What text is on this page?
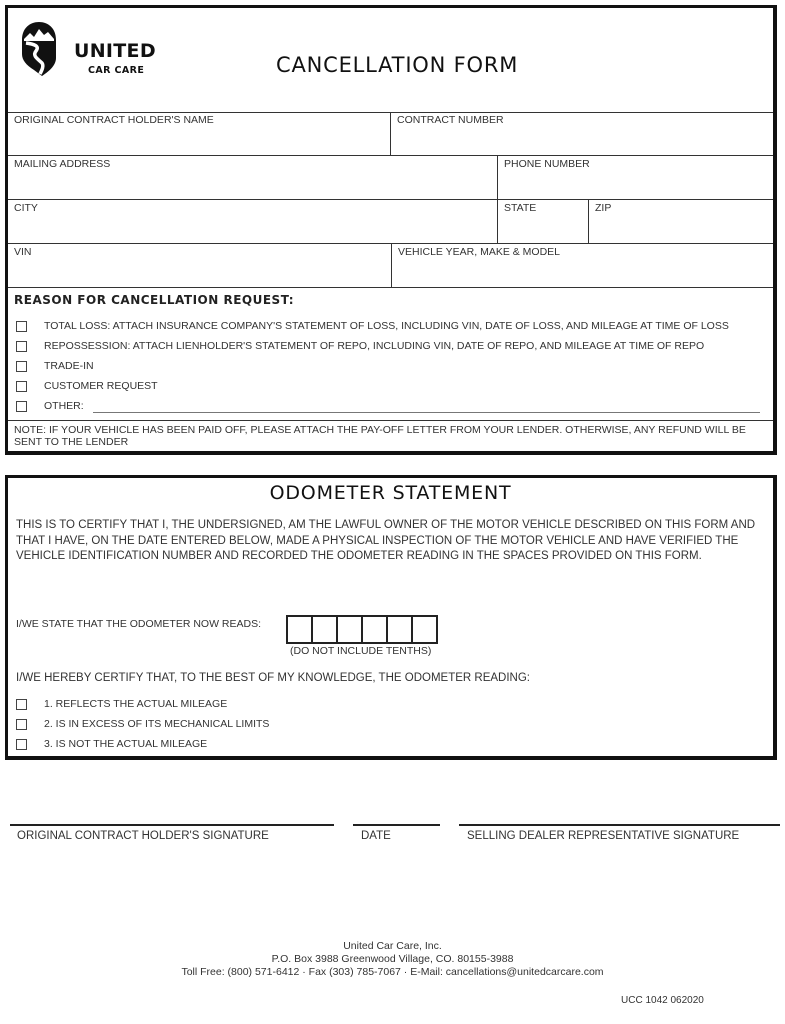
UNITED
CAR CARE	CANCELLATION FORM
ORIGINAL CONTRACT HOLDER'S NAME	CONTRACT NUMBER
MAILING ADDRESS	PHONE NUMBER
CITY	STATE	ZIP
VIN	VEHICLE YEAR, MAKE & MODEL
REASON FOR CANCELLATION REQUEST:
TOTAL LOSS: ATTACH INSURANCE COMPANY'S STATEMENT OF LOSS, INCLUDING VIN, DATE OF LOSS, AND MILEAGE AT TIME OF LOSS
REPOSSESSION: ATTACH LIENHOLDER'S STATEMENT OF REPO, INCLUDING VIN, DATE OF REPO, AND MILEAGE AT TIME OF REPO
TRADE-IN
CUSTOMER REQUEST
OTHER:
NOTE: IF YOUR VEHICLE HAS BEEN PAID OFF, PLEASE ATTACH THE PAY-OFF LETTER FROM YOUR LENDER. OTHERWISE, ANY REFUND WILL BE SENT TO THE LENDER
ODOMETER STATEMENT
THIS IS TO CERTIFY THAT I, THE UNDERSIGNED, AM THE LAWFUL OWNER OF THE MOTOR VEHICLE DESCRIBED ON THIS FORM AND THAT I HAVE, ON THE DATE ENTERED BELOW, MADE A PHYSICAL INSPECTION OF THE MOTOR VEHICLE AND HAVE VERIFIED THE VEHICLE IDENTIFICATION NUMBER AND RECORDED THE ODOMETER READING IN THE SPACES PROVIDED ON THIS FORM.
I/WE STATE THAT THE ODOMETER NOW READS:
(DO NOT INCLUDE TENTHS)
I/WE HEREBY CERTIFY THAT, TO THE BEST OF MY KNOWLEDGE, THE ODOMETER READING:
1. REFLECTS THE ACTUAL MILEAGE
2. IS IN EXCESS OF ITS MECHANICAL LIMITS
3. IS NOT THE ACTUAL MILEAGE
ORIGINAL CONTRACT HOLDER'S SIGNATURE	DATE	SELLING DEALER REPRESENTATIVE SIGNATURE
United Car Care, Inc.
P.O. Box 3988 Greenwood Village, CO. 80155-3988
Toll Free: (800) 571-6412 · Fax (303) 785-7067 · E-Mail: cancellations@unitedcarcare.com
UCC 1042 062020
